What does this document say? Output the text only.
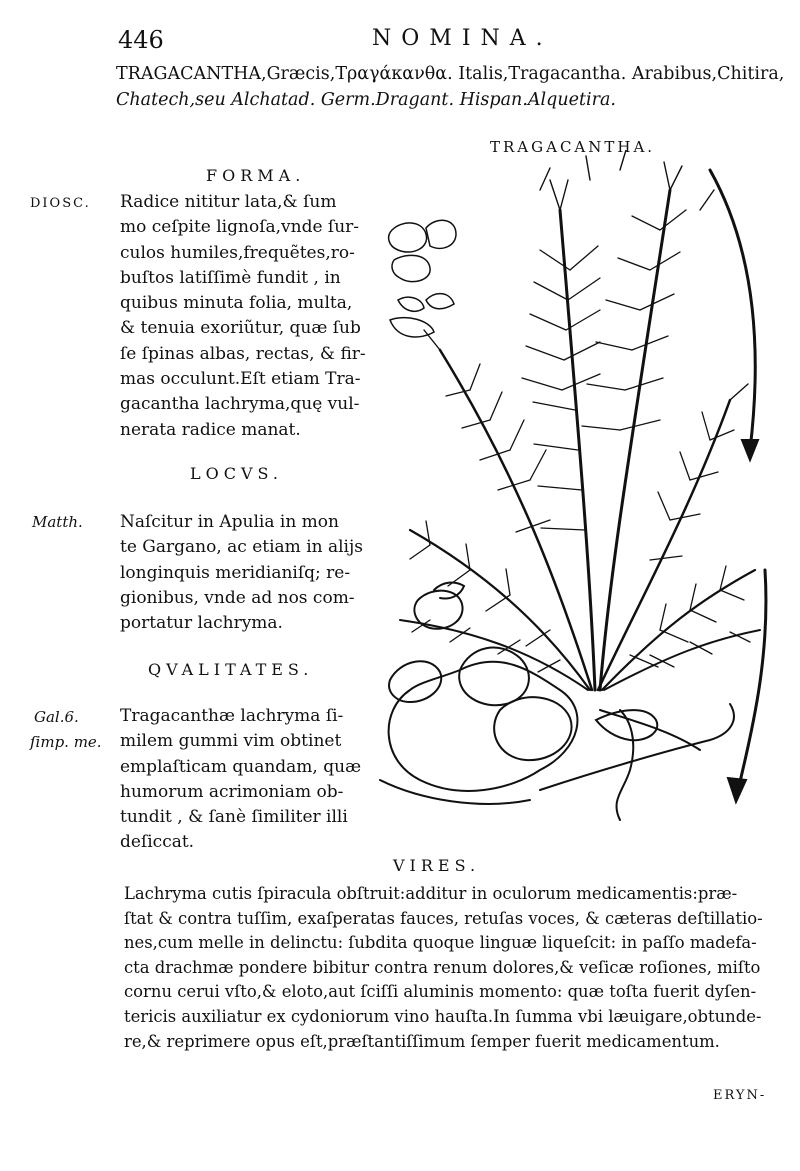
446	NOMINA.
TRAGACANTHA,Græcis,Τραγάκανθα. Italis,Tragacantha. Arabibus,Chitira,
Chatech,seu Alchatad. Germ.Dragant. Hispan.Alquetira.
TRAGACANTHA.
FORMA.
DIOSC. Radice nititur lata,& ſum
mo ceſpite lignoſa,vnde ſur-
culos humiles,frequẽtes,ro-
buſtos latiſſimè fundit , in
quibus minuta folia, multa,
& tenuia exoriũtur, quæ ſub
ſe ſpinas albas, rectas, & fir-
mas occulunt.Eſt etiam Tra-
gacantha lachryma,quę vul-
nerata radice manat.
LOCVS.
Matth. Naſcitur in Apulia in mon
te Gargano, ac etiam in alijs
longinquis meridianiſq; re-
gionibus, vnde ad nos com-
portatur lachryma.
QVALITATES.
Gal.6.
ſimp. me.
Tragacanthæ lachryma ſi-
milem gummi vim obtinet
emplaſticam quandam, quæ
humorum acrimoniam ob-
tundit , & ſanè ſimiliter illi
deſiccat.
VIRES.
Lachryma cutis ſpiracula obſtruit:additur in oculorum medicamentis:præ-
ſtat & contra tuſſim, exaſperatas fauces, retuſas voces, & cæteras deſtillatio-
nes,cum melle in delinctu: ſubdita quoque linguæ liqueſcit: in paſſo madefa-
cta drachmæ pondere bibitur contra renum dolores,& veſicæ roſiones, miſto
cornu cerui vſto,& eloto,aut ſciſſi aluminis momento: quæ toſta fuerit dyſen-
tericis auxiliatur ex cydoniorum vino hauſta.In ſumma vbi læuigare,obtunde-
re,& reprimere opus eſt,præſtantiſſimum ſemper fuerit medicamentum.
ERYN-
